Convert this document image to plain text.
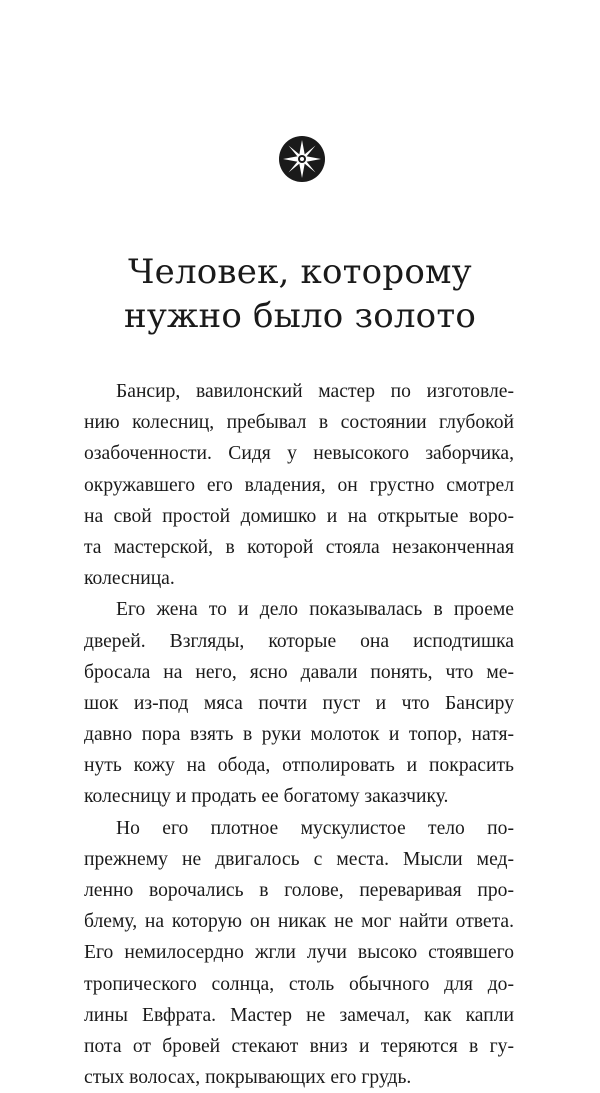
Человек, которому
нужно было золото
Бансир, вавилонский мастер по изготовле-
нию колесниц, пребывал в состоянии глубокой
озабоченности. Сидя у невысокого заборчика,
окружавшего его владения, он грустно смотрел
на свой простой домишко и на открытые воро-
та мастерской, в которой стояла незаконченная
колесница.
Его жена то и дело показывалась в проеме
дверей. Взгляды, которые она исподтишка
бросала на него, ясно давали понять, что ме-
шок из-под мяса почти пуст и что Бансиру
давно пора взять в руки молоток и топор, натя-
нуть кожу на обода, отполировать и покрасить
колесницу и продать ее богатому заказчику.
Но его плотное мускулистое тело по-
прежнему не двигалось с места. Мысли мед-
ленно ворочались в голове, переваривая про-
блему, на которую он никак не мог найти ответа.
Его немилосердно жгли лучи высоко стоявшего
тропического солнца, столь обычного для до-
лины Евфрата. Мастер не замечал, как капли
пота от бровей стекают вниз и теряются в гу-
стых волосах, покрывающих его грудь.
